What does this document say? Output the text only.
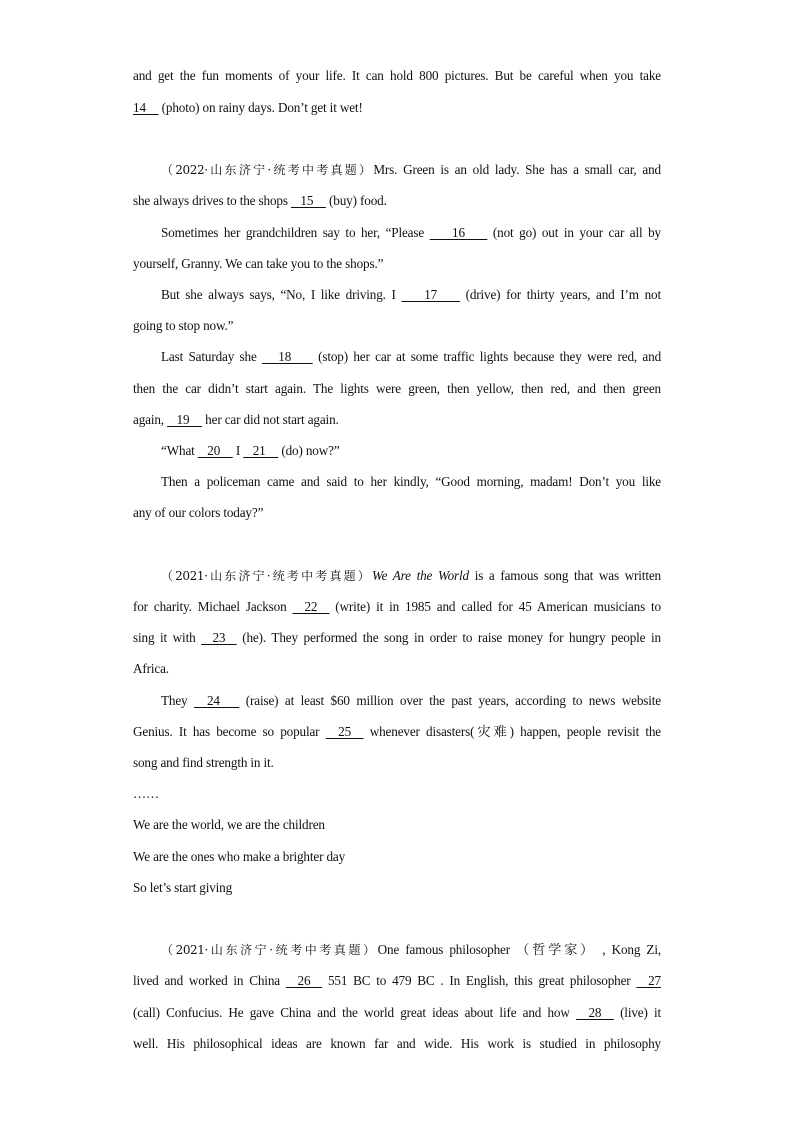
and get the fun moments of your life. It can hold 800 pictures. But be careful when you take
14     (photo) on rainy days. Don’t get it wet!
（2022·山东济宁·统考中考真题）Mrs. Green is an old lady. She has a small car, and
she always drives to the shops    15     (buy) food.
Sometimes her grandchildren say to her, “Please     16     (not go) out in your car all by
yourself, Granny. We can take you to the shops.”
But she always says, “No, I like driving. I     17     (drive) for thirty years, and I’m not
going to stop now.”
Last Saturday she    18     (stop) her car at some traffic lights because they were red, and
then the car didn’t start again. The lights were green, then yellow, then red, and then green
again,    19     her car did not start again.
“What    20     I    21     (do) now?”
Then a policeman came and said to her kindly, “Good morning, madam! Don’t you like
any of our colors today?”
（2021·山东济宁·统考中考真题）We Are the World is a famous song that was written
for charity. Michael Jackson   22   (write) it in 1985 and called for 45 American musicians to
sing it with   23   (he). They performed the song in order to raise money for hungry people in
Africa.
They   24    (raise) at least $60 million over the past years, according to news website
Genius. It has become so popular   25   whenever disasters(灾难) happen, people revisit the
song and find strength in it.
……
We are the world, we are the children
We are the ones who make a brighter day
So let’s start giving
（2021·山东济宁·统考中考真题）One famous philosopher （哲学家） , Kong Zi,
lived and worked in China   26   551 BC to 479 BC . In English, this great philosopher   27
(call) Confucius. He gave China and the world great ideas about life and how   28   (live) it
well. His philosophical ideas are known far and wide. His work is studied in philosophy
